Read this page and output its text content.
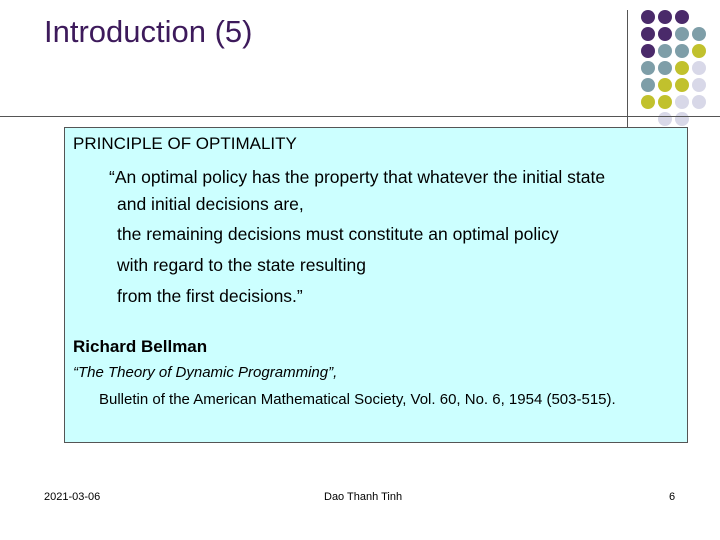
Introduction (5)
PRINCIPLE OF OPTIMALITY
“An optimal policy has the property that whatever the initial state
and initial decisions are,
the remaining decisions must constitute an optimal policy
with regard to the state resulting
from the first decisions.”
Richard Bellman
“The Theory of Dynamic Programming”,
Bulletin of the American Mathematical Society, Vol. 60, No. 6, 1954 (503-515).
2021-03-06	Dao Thanh Tinh	6
